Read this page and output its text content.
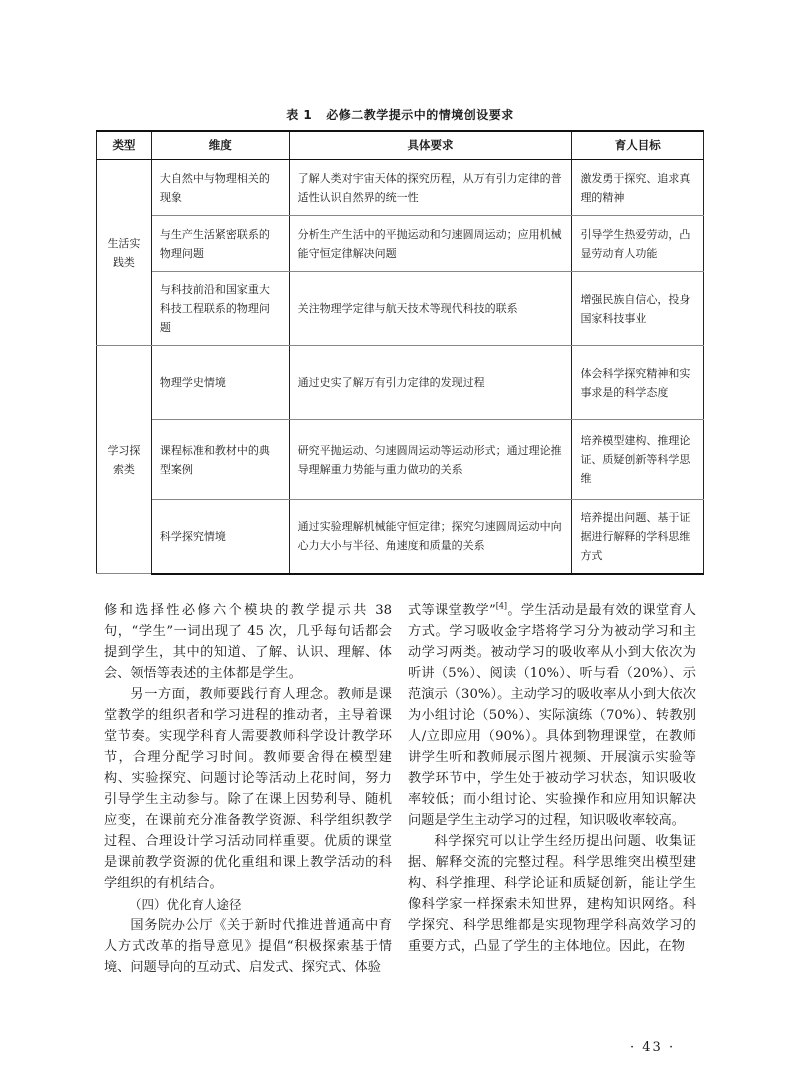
表 1 必修二教学提示中的情境创设要求
类型	维度	具体要求	育人目标
生活实践类	大自然中与物理相关的现象	了解人类对宇宙天体的探究历程，从万有引力定律的普适性认识自然界的统一性	激发勇于探究、追求真理的精神
	与生产生活紧密联系的物理问题	分析生产生活中的平抛运动和匀速圆周运动；应用机械能守恒定律解决问题	引导学生热爱劳动，凸显劳动育人功能
	与科技前沿和国家重大科技工程联系的物理问题	关注物理学定律与航天技术等现代科技的联系	增强民族自信心，投身国家科技事业
学习探索类	物理学史情境	通过史实了解万有引力定律的发现过程	体会科学探究精神和实事求是的科学态度
	课程标准和教材中的典型案例	研究平抛运动、匀速圆周运动等运动形式；通过理论推导理解重力势能与重力做功的关系	培养模型建构、推理论证、质疑创新等科学思维
	科学探究情境	通过实验理解机械能守恒定律；探究匀速圆周运动中向心力大小与半径、角速度和质量的关系	培养提出问题、基于证据进行解释的学科思维方式

修和选择性必修六个模块的教学提示共 38 句，“学生”一词出现了 45 次，几乎每句话都会提到学生，其中的知道、了解、认识、理解、体会、领悟等表述的主体都是学生。

另一方面，教师要践行育人理念。教师是课堂教学的组织者和学习进程的推动者，主导着课堂节奏。实现学科育人需要教师科学设计教学环节，合理分配学习时间。教师要舍得在模型建构、实验探究、问题讨论等活动上花时间，努力引导学生主动参与。除了在课上因势利导、随机应变，在课前充分准备教学资源、科学组织教学过程、合理设计学习活动同样重要。优质的课堂是课前教学资源的优化重组和课上教学活动的科学组织的有机结合。

（四）优化育人途径

国务院办公厅《关于新时代推进普通高中育人方式改革的指导意见》提倡“积极探索基于情境、问题导向的互动式、启发式、探究式、体验

式等课堂教学”[4]。学生活动是最有效的课堂育人方式。学习吸收金字塔将学习分为被动学习和主动学习两类。被动学习的吸收率从小到大依次为听讲（5%）、阅读（10%）、听与看（20%）、示范演示（30%）。主动学习的吸收率从小到大依次为小组讨论（50%）、实际演练（70%）、转教别人/立即应用（90%）。具体到物理课堂，在教师讲学生听和教师展示图片视频、开展演示实验等教学环节中，学生处于被动学习状态，知识吸收率较低；而小组讨论、实验操作和应用知识解决问题是学生主动学习的过程，知识吸收率较高。

科学探究可以让学生经历提出问题、收集证据、解释交流的完整过程。科学思维突出模型建构、科学推理、科学论证和质疑创新，能让学生像科学家一样探索未知世界，建构知识网络。科学探究、科学思维都是实现物理学科高效学习的重要方式，凸显了学生的主体地位。因此，在物

· 43 ·
